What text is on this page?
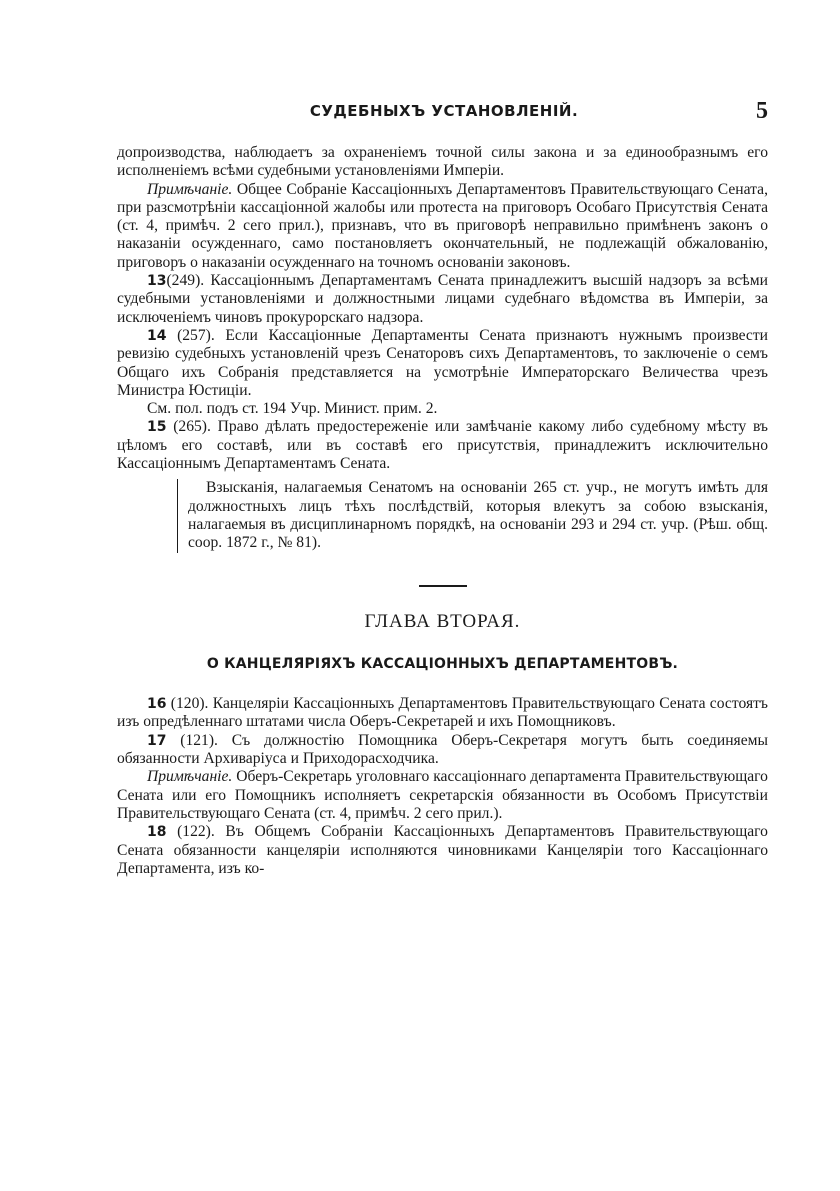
СУДЕБНЫХЪ УСТАНОВЛЕНІЙ.	5

допроизводства, наблюдаетъ за охраненіемъ точной силы закона и за единообразнымъ его исполненіемъ всѣми судебными установленіями Имперіи.

Примѣчаніе. Общее Собраніе Кассаціонныхъ Департаментовъ Правительствующаго Сената, при разсмотрѣніи кассаціонной жалобы или протеста на приговоръ Особаго Присутствія Сената (ст. 4, примѣч. 2 сего прил.), признавъ, что въ приговорѣ неправильно примѣненъ законъ о наказаніи осужденнаго, само постановляетъ окончательный, не подлежащій обжалованію, приговоръ о наказаніи осужденнаго на точномъ основаніи законовъ.

13(249). Кассаціоннымъ Департаментамъ Сената принадлежитъ высшій надзоръ за всѣми судебными установленіями и должностными лицами судебнаго вѣдомства въ Имперіи, за исключеніемъ чиновъ прокурорскаго надзора.

14 (257). Если Кассаціонные Департаменты Сената признаютъ нужнымъ произвести ревизію судебныхъ установленій чрезъ Сенаторовъ сихъ Департаментовъ, то заключеніе о семъ Общаго ихъ Собранія представляется на усмотрѣніе Императорскаго Величества чрезъ Министра Юстиціи.

См. пол. подъ ст. 194 Учр. Минист. прим. 2.

15 (265). Право дѣлать предостереженіе или замѣчаніе какому либо судебному мѣсту въ цѣломъ его составѣ, или въ составѣ его присутствія, принадлежитъ исключительно Кассаціоннымъ Департаментамъ Сената.

Взысканія, налагаемыя Сенатомъ на основаніи 265 ст. учр., не могутъ имѣть для должностныхъ лицъ тѣхъ послѣдствій, которыя влекутъ за собою взысканія, налагаемыя въ дисциплинарномъ порядкѣ, на основаніи 293 и 294 ст. учр. (Рѣш. общ. соор. 1872 г., № 81).
ГЛАВА ВТОРАЯ.
О КАНЦЕЛЯРІЯХЪ КАССАЦІОННЫХЪ ДЕПАРТАМЕНТОВЪ.

16 (120). Канцеляріи Кассаціонныхъ Департаментовъ Правительствующаго Сената состоятъ изъ опредѣленнаго штатами числа Оберъ-Секретарей и ихъ Помощниковъ.

17 (121). Съ должностію Помощника Оберъ-Секретаря могутъ быть соединяемы обязанности Архиваріуса и Приходорасходчика.

Примѣчаніе. Оберъ-Секретарь уголовнаго кассаціоннаго департамента Правительствующаго Сената или его Помощникъ исполняетъ секретарскія обязанности въ Особомъ Присутствіи Правительствующаго Сената (ст. 4, примѣч. 2 сего прил.).

18 (122). Въ Общемъ Собраніи Кассаціонныхъ Департаментовъ Правительствующаго Сената обязанности канцеляріи исполняются чиновниками Канцеляріи того Кассаціоннаго Департамента, изъ ко-
